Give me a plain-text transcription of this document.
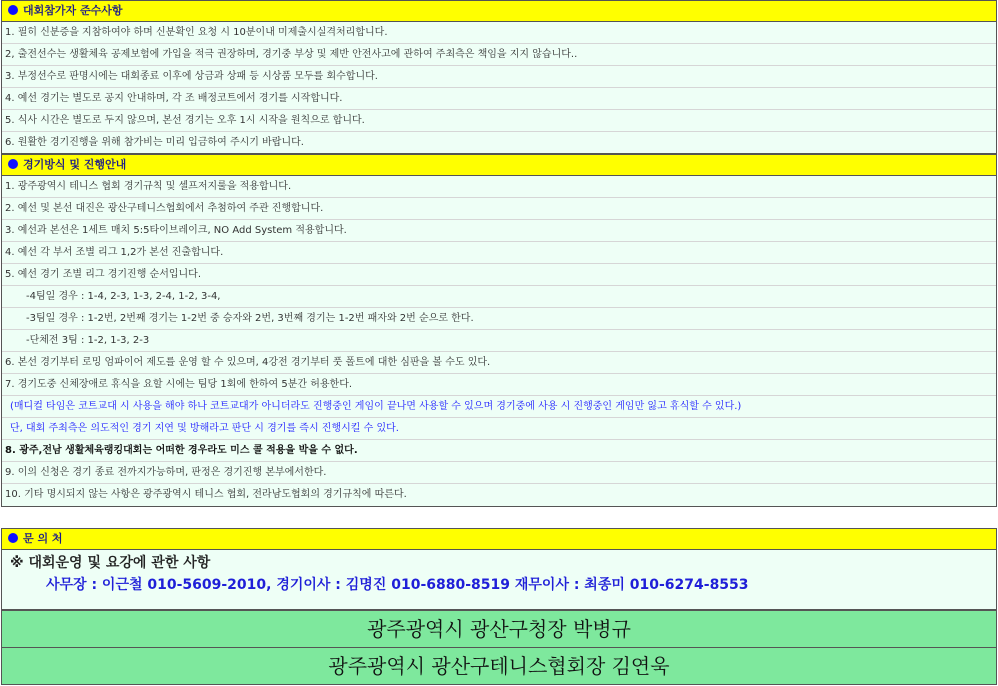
대회참가자 준수사항
1. 필히 신분증을 지참하여야 하며 신분확인 요청 시 10분이내 미제출시실격처리합니다.
2, 출전선수는 생활체육 공제보험에 가입을 적극 권장하며, 경기중 부상 및 제반 안전사고에 관하여 주최측은 책임을 지지 않습니다..
3. 부정선수로 판명시에는 대회종료 이후에 상금과 상패 등 시상품 모두를 회수합니다.
4. 예선 경기는 별도로 공지 안내하며, 각 조 배정코트에서 경기를 시작합니다.
5. 식사 시간은 별도로 두지 않으며, 본선 경기는 오후 1시 시작을 원칙으로 합니다.
6. 원활한 경기진행을 위해 참가비는 미리 입금하여 주시기 바랍니다.
경기방식 및 진행안내
1. 광주광역시 테니스 협회 경기규칙 및 셀프저지룰을 적용합니다.
2. 예선 및 본선 대진은 광산구테니스협회에서 추첨하여 주관 진행합니다.
3. 예선과 본선은 1세트 매치 5:5타이브레이크, NO Add System 적용합니다.
4. 예선 각 부서 조별 리그 1,2가 본선 진출합니다.
5. 예선 경기 조별 리그 경기진행 순서입니다.
-4팀일 경우 : 1-4, 2-3, 1-3, 2-4, 1-2, 3-4,
-3팀일 경우 : 1-2번, 2번째 경기는 1-2번 중 승자와 2번, 3번째 경기는 1-2번 패자와 2번 순으로 한다.
-단체전 3팀 : 1-2, 1-3, 2-3
6. 본선 경기부터 로밍 엄파이어 제도를 운영 할 수 있으며, 4강전 경기부터 풋 폴트에 대한 심판을 볼 수도 있다.
7. 경기도중 신체장애로 휴식을 요할 시에는 팀당 1회에 한하여 5분간 허용한다.
(매디컬 타임은 코트교대 시 사용을 해야 하나 코트교대가 아니더라도 진행중인 게임이 끝나면 사용할 수 있으며 경기중에 사용 시 진행중인 게임만 잃고 휴식할 수 있다.)
단, 대회 주최측은 의도적인 경기 지연 및 방해라고 판단 시 경기를 즉시 진행시킬 수 있다.
8. 광주,전남 생활체육랭킹대회는 어떠한 경우라도 미스 콜 적용을 박을 수 없다.
9. 이의 신청은 경기 종료 전까지가능하며, 판정은 경기진행 본부에서한다.
10. 기타 명시되지 않는 사항은 광주광역시 테니스 협회, 전라남도협회의 경기규칙에 따른다.
문 의 처
※ 대회운영 및 요강에 관한 사항
사무장 : 이근철 010-5609-2010, 경기이사 : 김명진 010-6880-8519 재무이사 : 최종미 010-6274-8553
광주광역시 광산구청장 박병규
광주광역시 광산구테니스협회장 김연욱
